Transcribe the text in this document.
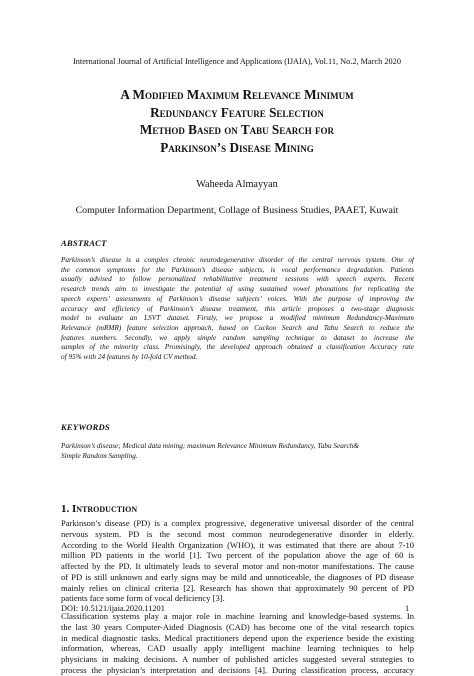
International Journal of Artificial Intelligence and Applications (IJAIA), Vol.11, No.2, March 2020
A Modified Maximum Relevance Minimum
Redundancy Feature Selection
Method Based on Tabu Search for
Parkinson’s Disease Mining
Waheeda Almayyan
Computer Information Department, Collage of Business Studies, PAAET, Kuwait
ABSTRACT
Parkinson’s disease is a complex chronic neurodegenerative disorder of the central nervous system. One of
the common symptoms for the Parkinson’s disease subjects, is vocal performance degradation. Patients
usually advised to follow personalized rehabilitative treatment sessions with speech experts. Recent
research trends aim to investigate the potential of using sustained vowel phonations for replicating the
speech experts’ assessments of Parkinson’s disease subjects’ voices. With the purpose of improving the
accuracy and efficiency of Parkinson’s disease treatment, this article proposes a two-stage diagnosis
model to evaluate an LSVT dataset. Firstly, we propose a modified minimum Redundancy-Maximum
Relevance (mRMR) feature selection approach, based on Cuckoo Search and Tabu Search to reduce the
features numbers. Secondly, we apply simple random sampling technique to dataset to increase the
samples of the minority class. Promisingly, the developed approach obtained a classification Accuracy rate
of 95% with 24 features by 10-fold CV method.
KEYWORDS
Parkinson’s disease; Medical data mining; maximum Relevance Minimum Redundancy, Tabu Search&
Simple Random Sampling.
1. Introduction
Parkinson’s disease (PD) is a complex progressive, degenerative universal disorder of the central
nervous system. PD is the second most common neurodegenerative disorder in elderly.
According to the World Health Organization (WHO), it was estimated that there are about 7-10
million PD patients in the world [1]. Two percent of the population above the age of 60 is
affected by the PD. It ultimately leads to several motor and non-motor manifestations. The cause
of PD is still unknown and early signs may be mild and unnoticeable, the diagnoses of PD disease
mainly relies on clinical criteria [2]. Research has shown that approximately 90 percent of PD
patients face some form of vocal deficiency [3].
DOI: 10.5121/ijaia.2020.11201	1
Classification systems play a major role in machine learning and knowledge-based systems. In
the last 30 years Computer-Aided Diagnosis (CAD) has become one of the vital research topics
in medical diagnostic tasks. Medical practitioners depend upon the experience beside the existing
information, whereas, CAD usually apply intelligent machine learning techniques to help
physicians in making decisions. A number of published articles suggested several strategies to
process the physician’s interpretation and decisions [4]. During classification process, accuracy
